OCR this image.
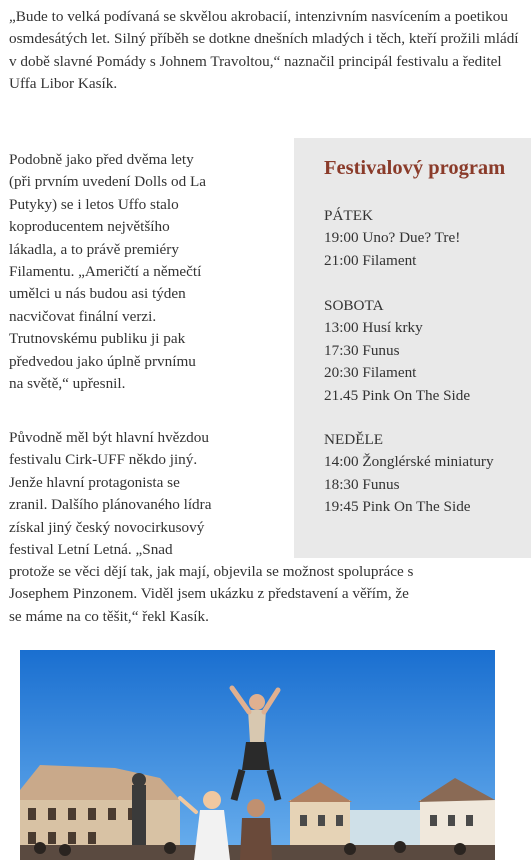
„Bude to velká podívaná se skvělou akrobacií, intenzivním nasvícením a poetikou osmdesátých let. Silný příběh se dotkne dnešních mladých i těch, kteří prožili mládí v době slavné Pomády s Johnem Travoltou,“ naznačil principál festivalu a ředitel Uffa Libor Kasík.

Podobně jako před dvěma lety
(při prvním uvedení Dolls od La
Putyky) se i letos Uffo stalo
koproducentem největšího
lákadla, a to právě premiéry
Filamentu. „Američtí a němečtí
umělci u nás budou asi týden
nacvičovat finální verzi.
Trutnovskému publiku ji pak
předvedou jako úplně prvnímu
na světě,“ upřesnil.
Původně měl být hlavní hvězdou
festivalu Cirk-UFF někdo jiný.
Jenže hlavní protagonista se
zranil. Dalšího plánovaného lídra
získal jiný český novocirkusový
festival Letní Letná. „Snad
protože se věci dějí tak, jak mají, objevila se možnost spolupráce s
Josephem Pinzonem. Viděl jsem ukázku z představení a věřím, že
se máme na co těšit,“ řekl Kasík.
Festivalový program
PÁTEK
19:00 Uno? Due? Tre!
21:00 Filament
SOBOTA
13:00 Husí krky
17:30 Funus
20:30 Filament
21.45 Pink On The Side
NEDĚLE
14:00 Žonglérské miniatury
18:30 Funus
19:45 Pink On The Side
